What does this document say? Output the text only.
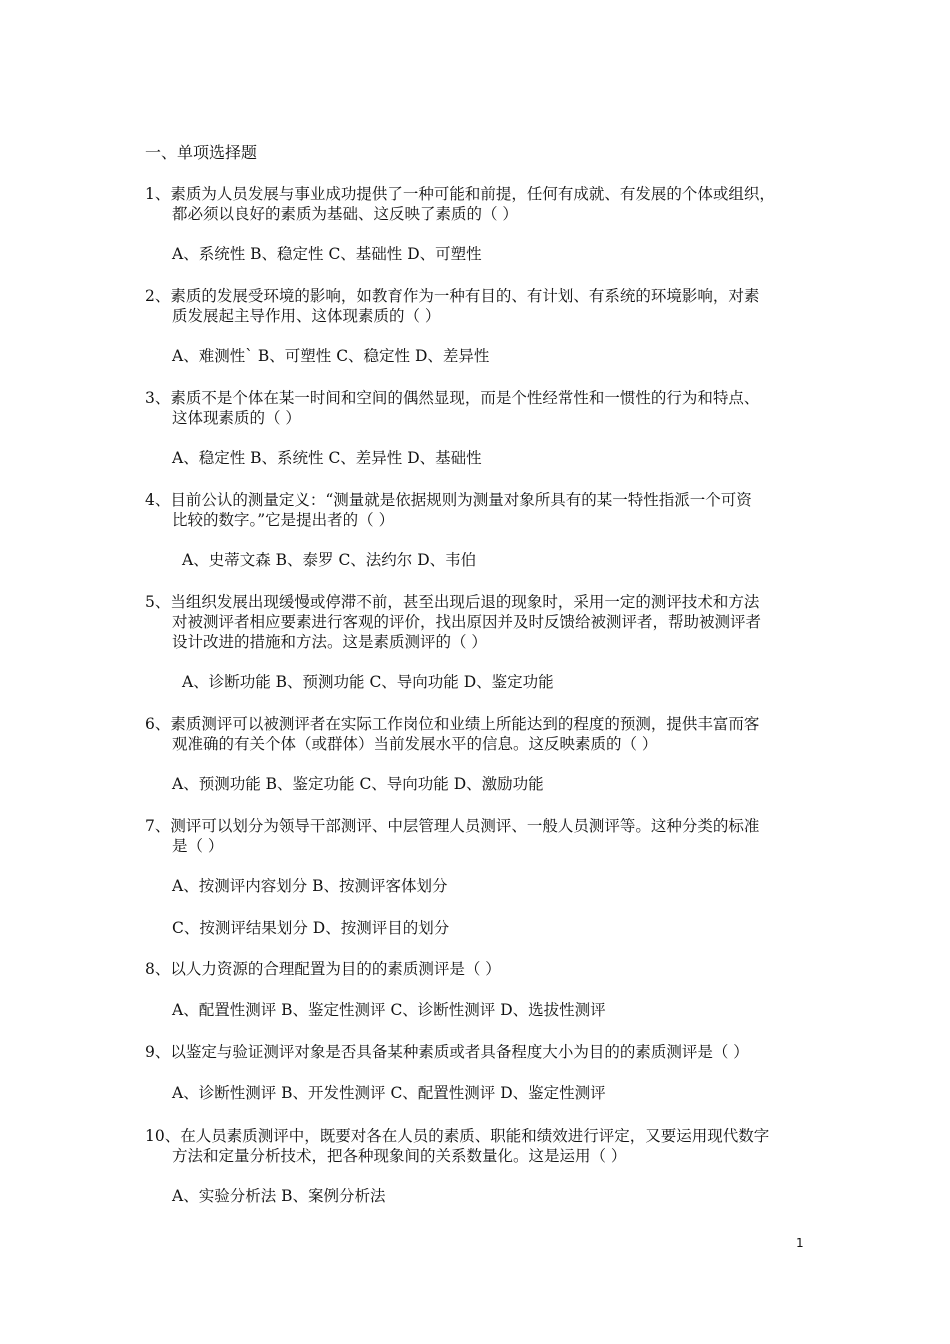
一、单项选择题
1、素质为人员发展与事业成功提供了一种可能和前提，任何有成就、有发展的个体或组织，
都必须以良好的素质为基础、这反映了素质的（ ）
A、系统性 B、稳定性 C、基础性 D、可塑性
2、素质的发展受环境的影响，如教育作为一种有目的、有计划、有系统的环境影响，对素
质发展起主导作用、这体现素质的（ ）
A、难测性` B、可塑性 C、稳定性 D、差异性
3、素质不是个体在某一时间和空间的偶然显现，而是个性经常性和一惯性的行为和特点、
这体现素质的（ ）
A、稳定性 B、系统性 C、差异性 D、基础性
4、目前公认的测量定义：“测量就是依据规则为测量对象所具有的某一特性指派一个可资
比较的数字。”它是提出者的（ ）
A、史蒂文森 B、泰罗 C、法约尔 D、韦伯
5、当组织发展出现缓慢或停滞不前，甚至出现后退的现象时，采用一定的测评技术和方法
对被测评者相应要素进行客观的评价，找出原因并及时反馈给被测评者，帮助被测评者
设计改进的措施和方法。这是素质测评的（ ）
A、诊断功能 B、预测功能 C、导向功能 D、鉴定功能
6、素质测评可以被测评者在实际工作岗位和业绩上所能达到的程度的预测，提供丰富而客
观准确的有关个体（或群体）当前发展水平的信息。这反映素质的（ ）
A、预测功能 B、鉴定功能 C、导向功能 D、激励功能
7、测评可以划分为领导干部测评、中层管理人员测评、一般人员测评等。这种分类的标准
是（ ）
A、按测评内容划分 B、按测评客体划分
C、按测评结果划分 D、按测评目的划分
8、以人力资源的合理配置为目的的素质测评是（ ）
A、配置性测评 B、鉴定性测评 C、诊断性测评 D、选拔性测评
9、以鉴定与验证测评对象是否具备某种素质或者具备程度大小为目的的素质测评是（ ）
A、诊断性测评 B、开发性测评 C、配置性测评 D、鉴定性测评
10、在人员素质测评中，既要对各在人员的素质、职能和绩效进行评定，又要运用现代数字
方法和定量分析技术，把各种现象间的关系数量化。这是运用（ ）
A、实验分析法 B、案例分析法
1
